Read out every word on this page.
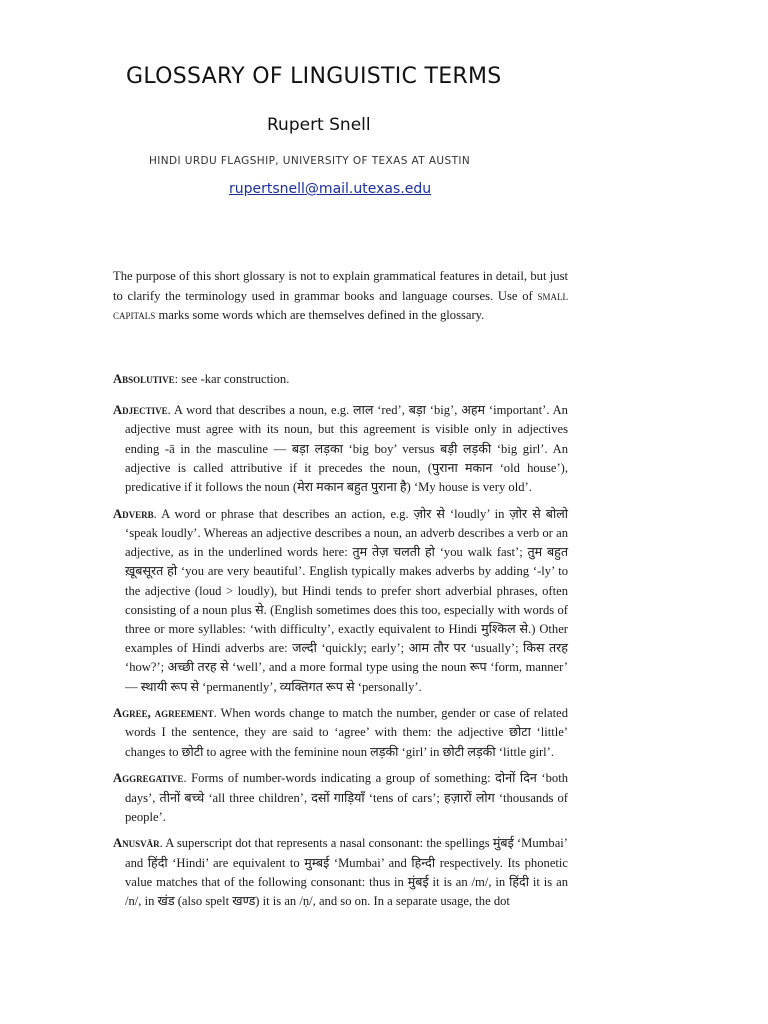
GLOSSARY OF LINGUISTIC TERMS
Rupert Snell
HINDI URDU FLAGSHIP, UNIVERSITY OF TEXAS AT AUSTIN
rupertsnell@mail.utexas.edu

The purpose of this short glossary is not to explain grammatical features in detail, but just to clarify the terminology used in grammar books and language courses. Use of small capitals marks some words which are themselves defined in the glossary.

Absolutive: see -kar construction.

Adjective. A word that describes a noun, e.g. लाल ‘red’, बड़ा ‘big’, अहम ‘important’. An adjective must agree with its noun, but this agreement is visible only in adjectives ending -ā in the masculine — बड़ा लड़का ‘big boy’ versus बड़ी लड़की ‘big girl’. An adjective is called attributive if it precedes the noun, (पुराना मकान ‘old house’), predicative if it follows the noun (मेरा मकान बहुत पुराना है) ‘My house is very old’.

Adverb. A word or phrase that describes an action, e.g. ज़ोर से ‘loudly’ in ज़ोर से बोलो ‘speak loudly’. Whereas an adjective describes a noun, an adverb describes a verb or an adjective, as in the underlined words here: तुम तेज़ चलती हो ‘you walk fast’; तुम बहुत ख़ूबसूरत हो ‘you are very beautiful’. English typically makes adverbs by adding ‘-ly’ to the adjective (loud > loudly), but Hindi tends to prefer short adverbial phrases, often consisting of a noun plus से. (English sometimes does this too, especially with words of three or more syllables: ‘with difficulty’, exactly equivalent to Hindi मुश्किल से.) Other examples of Hindi adverbs are: जल्दी ‘quickly; early’; आम तौर पर ‘usually’; किस तरह ‘how?’; अच्छी तरह से ‘well’, and a more formal type using the noun रूप ‘form, manner’ — स्थायी रूप से ‘permanently’, व्यक्तिगत रूप से ‘personally’.

Agree, agreement. When words change to match the number, gender or case of related words I the sentence, they are said to ‘agree’ with them: the adjective छोटा ‘little’ changes to छोटी to agree with the feminine noun लड़की ‘girl’ in छोटी लड़की ‘little girl’.

Aggregative. Forms of number-words indicating a group of something: दोनों दिन ‘both days’, तीनों बच्चे ‘all three children’, दसों गाड़ियाँ ‘tens of cars’; हज़ारों लोग ‘thousands of people’.

Anusvār. A superscript dot that represents a nasal consonant: the spellings मुंबई ‘Mumbai’ and हिंदी ‘Hindi’ are equivalent to मुम्बई ‘Mumbai’ and हिन्दी respectively. Its phonetic value matches that of the following consonant: thus in मुंबई it is an /m/, in हिंदी it is an /n/, in खंड (also spelt खण्ड) it is an /ṇ/, and so on. In a separate usage, the dot
